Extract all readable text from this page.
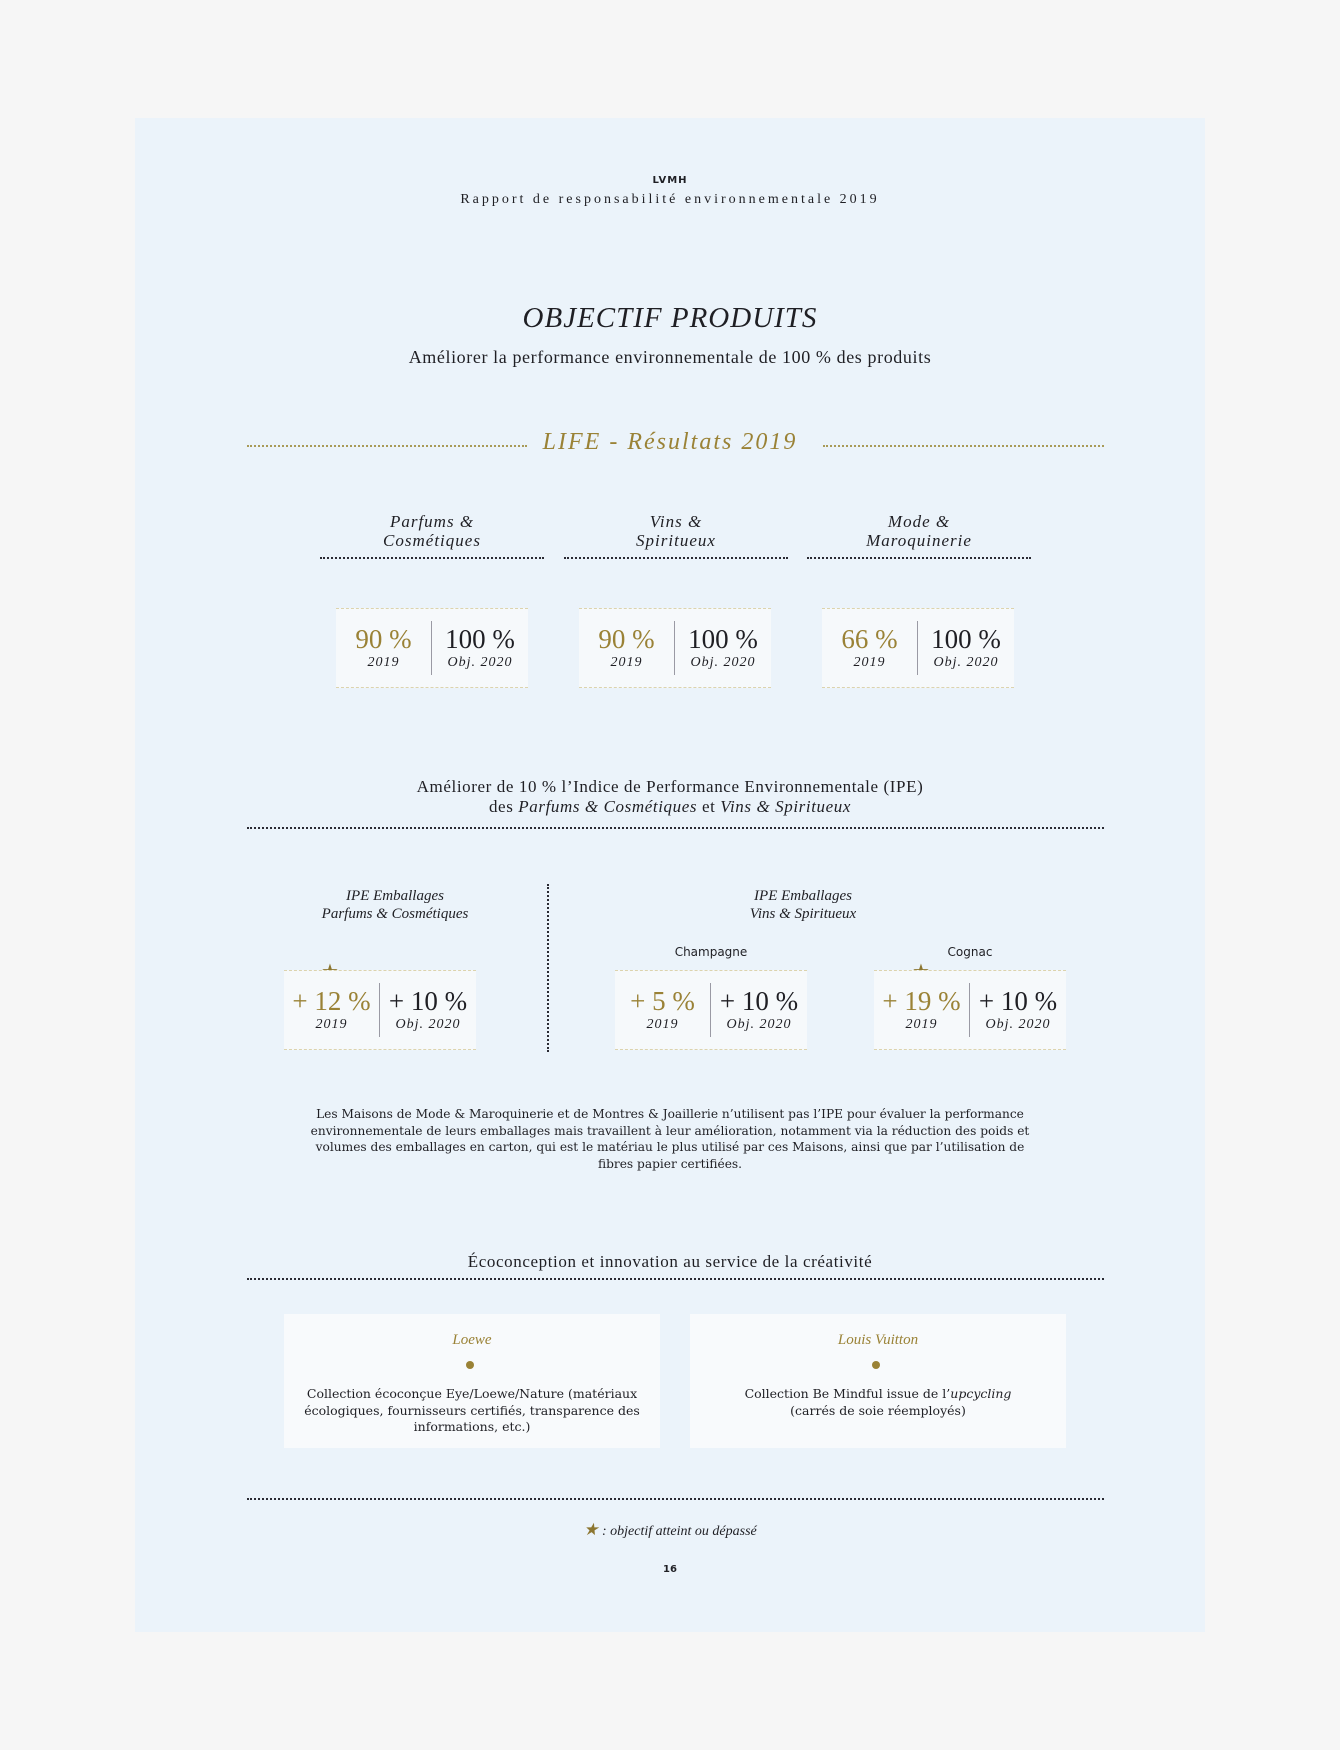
LVMH
Rapport de responsabilité environnementale 2019
OBJECTIF PRODUITS
Améliorer la performance environnementale de 100 % des produits
LIFE - Résultats 2019
Parfums &
Cosmétiques
90 %
2019
100 %
Obj. 2020
Vins &
Spiritueux
90 %
2019
100 %
Obj. 2020
Mode &
Maroquinerie
66 %
2019
100 %
Obj. 2020
Améliorer de 10 % l’Indice de Performance Environnementale (IPE)
des Parfums & Cosmétiques et Vins & Spiritueux
IPE Emballages
Parfums & Cosmétiques
+ 12 %
2019
+ 10 %
Obj. 2020
IPE Emballages
Vins & Spiritueux
Champagne
+ 5 %
2019
+ 10 %
Obj. 2020
Cognac
+ 19 %
2019
+ 10 %
Obj. 2020
Les Maisons de Mode & Maroquinerie et de Montres & Joaillerie n’utilisent pas l’IPE pour évaluer la performance environnementale de leurs emballages mais travaillent à leur amélioration, notamment via la réduction des poids et volumes des emballages en carton, qui est le matériau le plus utilisé par ces Maisons, ainsi que par l’utilisation de fibres papier certifiées.
Écoconception et innovation au service de la créativité
Loewe
Collection écoconçue Eye/Loewe/Nature (matériaux écologiques, fournisseurs certifiés, transparence des informations, etc.)
Louis Vuitton
Collection Be Mindful issue de l’upcycling
(carrés de soie réemployés)
★ : objectif atteint ou dépassé
16
